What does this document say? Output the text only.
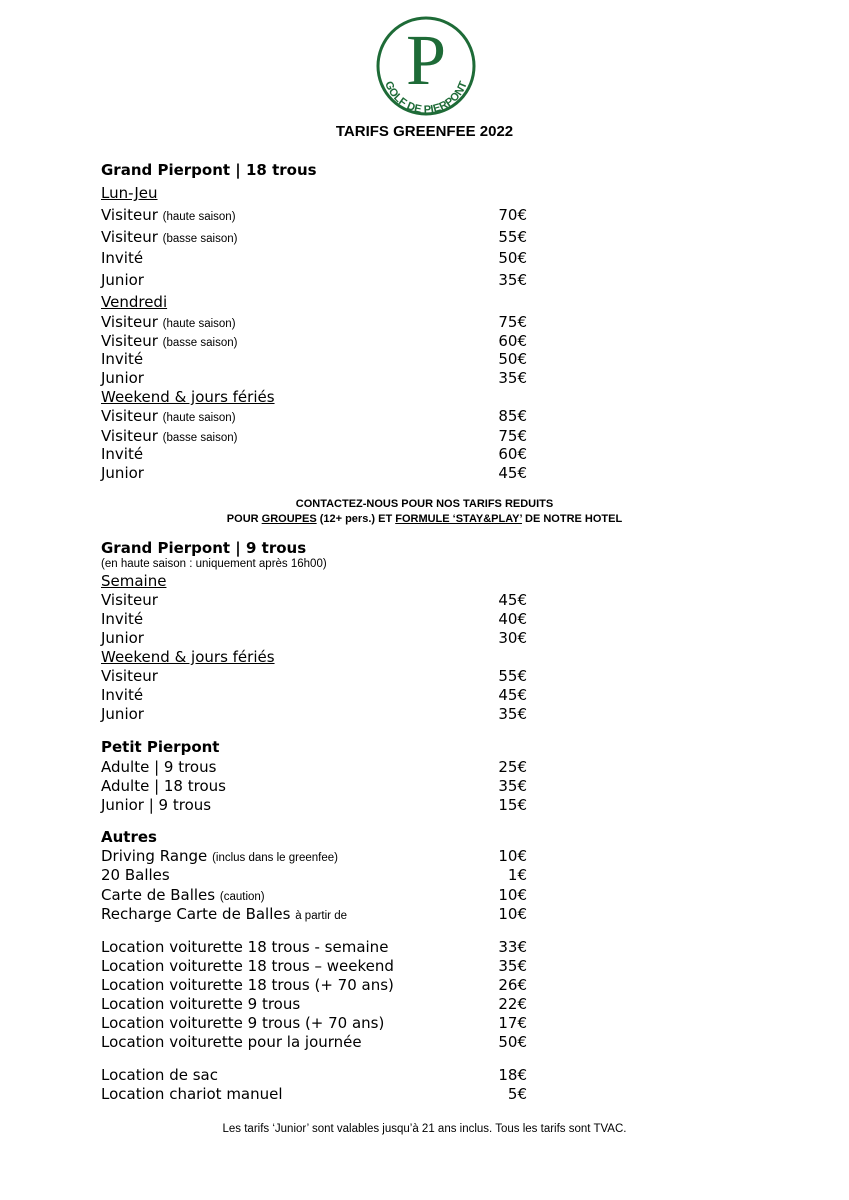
P
GOLF DE PIERPONT
TARIFS GREENFEE 2022
Grand Pierpont | 18 trous
Lun-Jeu
Visiteur (haute saison)	70€
Visiteur (basse saison)	55€
Invité	50€
Junior	35€
Vendredi
Visiteur (haute saison)	75€
Visiteur (basse saison)	60€
Invité	50€
Junior	35€
Weekend & jours fériés
Visiteur (haute saison)	85€
Visiteur (basse saison)	75€
Invité	60€
Junior	45€
CONTACTEZ-NOUS POUR NOS TARIFS REDUITS
POUR GROUPES (12+ pers.) ET FORMULE ‘STAY&PLAY’ DE NOTRE HOTEL
Grand Pierpont | 9 trous
(en haute saison : uniquement après 16h00)
Semaine
Visiteur	45€
Invité	40€
Junior	30€
Weekend & jours fériés
Visiteur	55€
Invité	45€
Junior	35€
Petit Pierpont
Adulte | 9 trous	25€
Adulte | 18 trous	35€
Junior | 9 trous	15€
Autres
Driving Range (inclus dans le greenfee)	10€
20 Balles	1€
Carte de Balles (caution)	10€
Recharge Carte de Balles à partir de	10€
Location voiturette 18 trous - semaine	33€
Location voiturette 18 trous – weekend	35€
Location voiturette 18 trous (+ 70 ans)	26€
Location voiturette 9 trous	22€
Location voiturette 9 trous (+ 70 ans)	17€
Location voiturette pour la journée	50€
Location de sac	18€
Location chariot manuel	5€
Les tarifs ‘Junior’ sont valables jusqu’à 21 ans inclus. Tous les tarifs sont TVAC.
